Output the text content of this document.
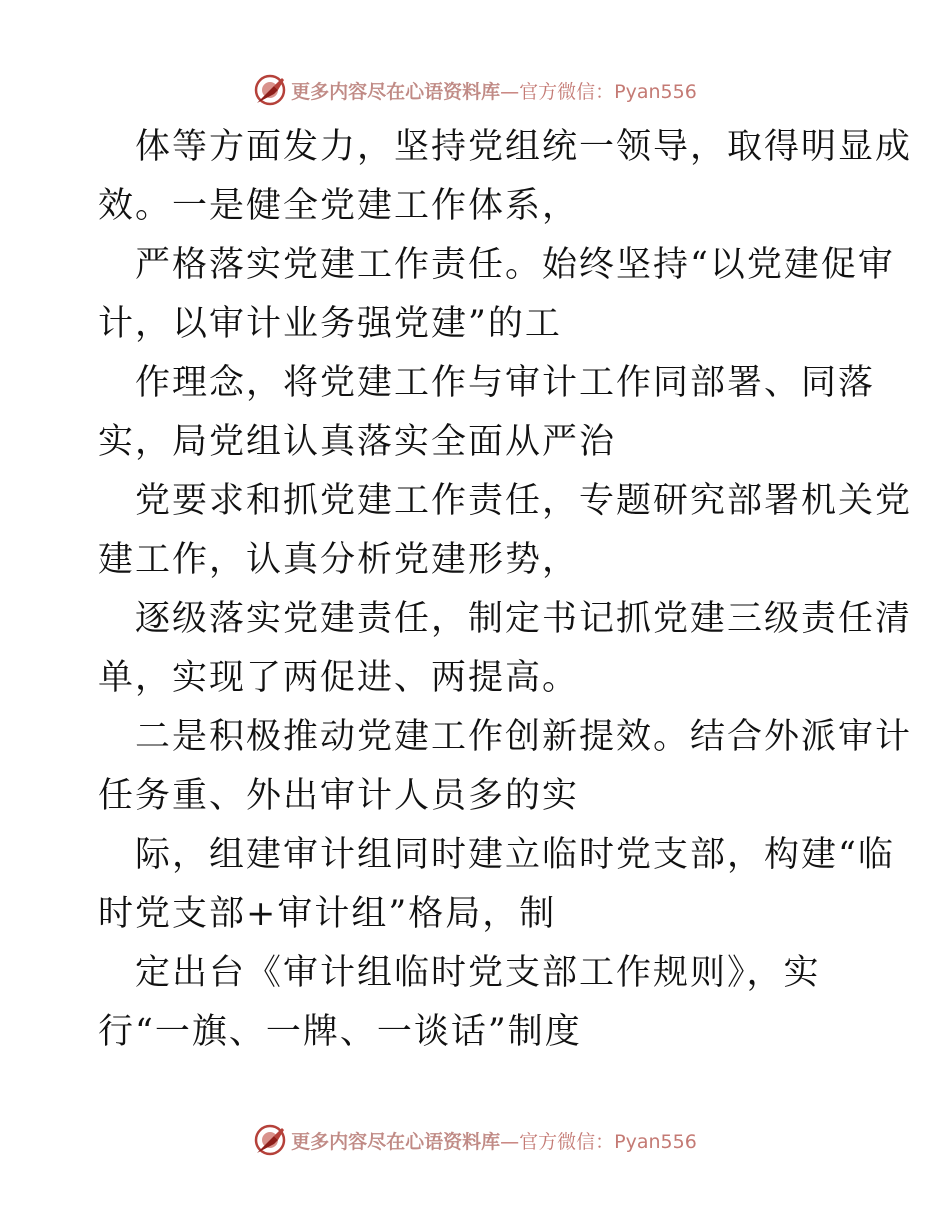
更多内容尽在心语资料库—官方微信：Pyan556
体等方面发力，坚持党组统一领导，取得明显成
效。一是健全党建工作体系，
严格落实党建工作责任。始终坚持“以党建促审
计，以审计业务强党建”的工
作理念，将党建工作与审计工作同部署、同落
实，局党组认真落实全面从严治
党要求和抓党建工作责任，专题研究部署机关党
建工作，认真分析党建形势，
逐级落实党建责任，制定书记抓党建三级责任清
单，实现了两促进、两提高。
二是积极推动党建工作创新提效。结合外派审计
任务重、外出审计人员多的实
际，组建审计组同时建立临时党支部，构建“临
时党支部+审计组”格局，制
定出台《审计组临时党支部工作规则》，实
行“一旗、一牌、一谈话”制度
更多内容尽在心语资料库—官方微信：Pyan556
